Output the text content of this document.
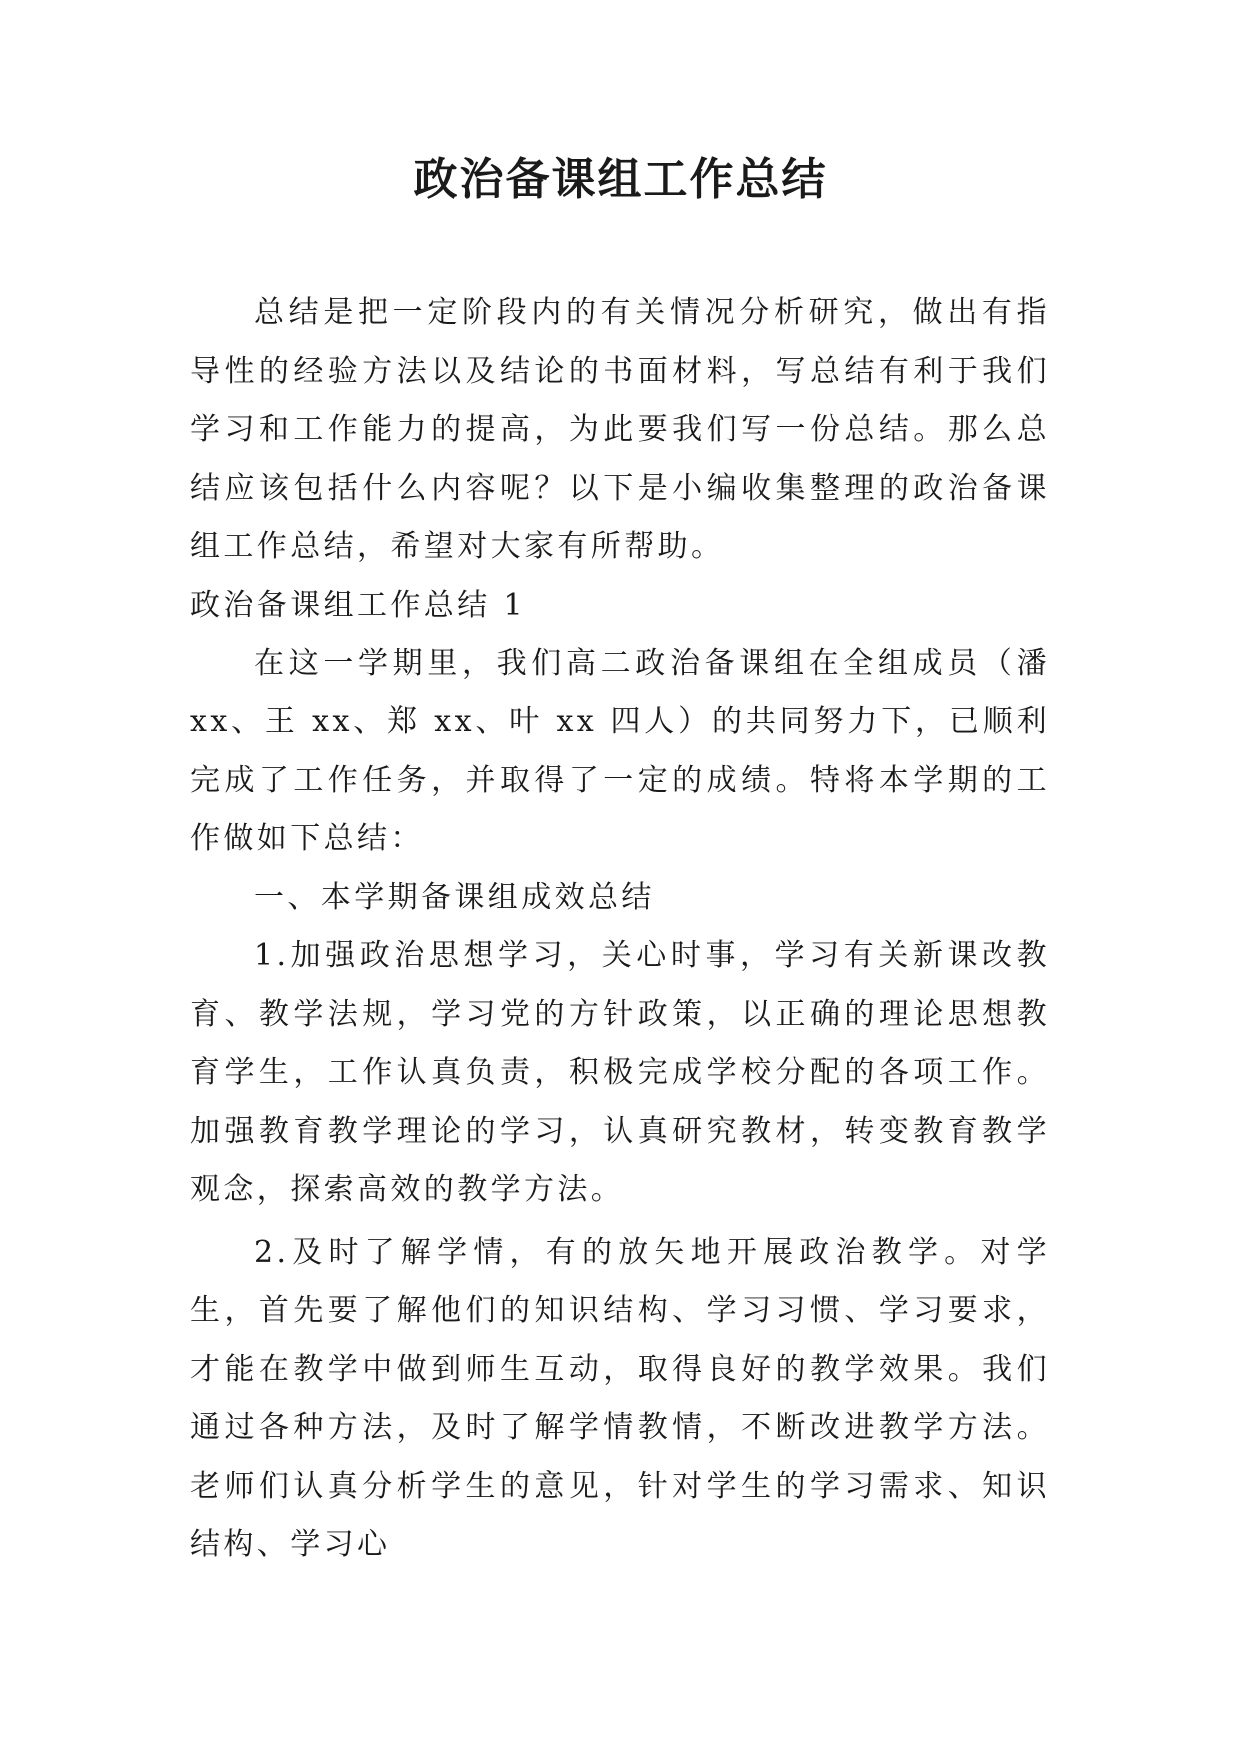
政治备课组工作总结

总结是把一定阶段内的有关情况分析研究，做出有指导性的经验方法以及结论的书面材料，写总结有利于我们学习和工作能力的提高，为此要我们写一份总结。那么总结应该包括什么内容呢？以下是小编收集整理的政治备课组工作总结，希望对大家有所帮助。

政治备课组工作总结 1

在这一学期里，我们高二政治备课组在全组成员（潘 xx、王 xx、郑 xx、叶 xx 四人）的共同努力下，已顺利完成了工作任务，并取得了一定的成绩。特将本学期的工作做如下总结：

一、本学期备课组成效总结

1.加强政治思想学习，关心时事，学习有关新课改教育、教学法规，学习党的方针政策，以正确的理论思想教育学生，工作认真负责，积极完成学校分配的各项工作。加强教育教学理论的学习，认真研究教材，转变教育教学观念，探索高效的教学方法。

2.及时了解学情，有的放矢地开展政治教学。对学生，首先要了解他们的知识结构、学习习惯、学习要求，才能在教学中做到师生互动，取得良好的教学效果。我们通过各种方法，及时了解学情教情，不断改进教学方法。老师们认真分析学生的意见，针对学生的学习需求、知识结构、学习心
